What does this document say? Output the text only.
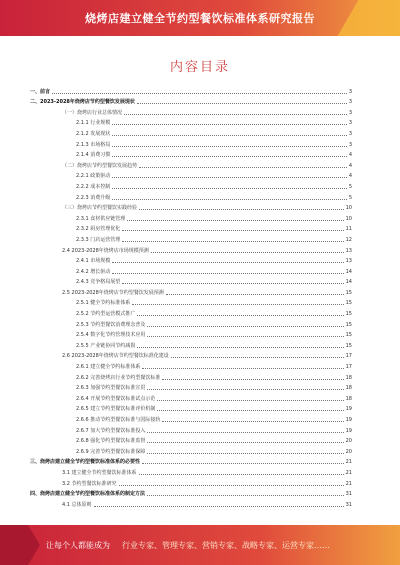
烧烤店建立健全节约型餐饮标准体系研究报告
内容目录
一、前言	3
二、2023-2028年烧烤店节约型餐饮发展现状	3
（一）烧烤店行业总体情况	3
2.1.1 行业规模	3
2.1.2 发展现状	3
2.1.3 市场格局	3
2.1.4 消费习惯	4
（二）烧烤店节约型餐饮发展趋势	4
2.2.1 政策驱动	4
2.2.2 成本控制	5
2.2.3 消费升级	5
（三）烧烤店节约型餐饮实践经验	10
2.3.1 食材供应链管理	10
2.3.2 厨房管理优化	11
2.3.3 门店运营管理	12
2.4 2023-2028年烧烤店市场规模预测	13
2.4.1 市场规模	13
2.4.2 增长驱动	14
2.4.3 竞争格局展望	14
2.5 2023-2028年烧烤店节约型餐饮发展预测	15
2.5.1 健全节约标准体系	15
2.5.2 节约型运营模式推广	15
2.5.3 节约型餐饮消费理念普及	15
2.5.4 数字化节约管理技术应用	15
2.5.5 产业链协同节约减损	15
2.6 2023-2028年烧烤店节约型餐饮标准化建设	17
2.6.1 建立健全节约标准体系	17
2.6.2 完善烧烤店行业节约型餐饮标准	18
2.6.3 加强节约型餐饮标准宣贯	18
2.6.4 开展节约型餐饮标准试点示范	18
2.6.5 建立节约型餐饮标准评价机制	19
2.6.6 推动节约型餐饮标准与国际接轨	19
2.6.7 加大节约型餐饮标准投入	19
2.6.8 强化节约型餐饮标准监督	20
2.6.9 完善节约型餐饮标准保障	20
三、烧烤店建立健全节约型餐饮标准体系的必要性	21
3.1 建立健全节约型餐饮标准体系	21
3.2 节约型餐饮标准研究	21
四、烧烤店建立健全节约型餐饮标准体系的制定方法	31
4.1 总体原则	31
让每个人都能成为 行业专家、管理专家、营销专家、战略专家、运营专家……
